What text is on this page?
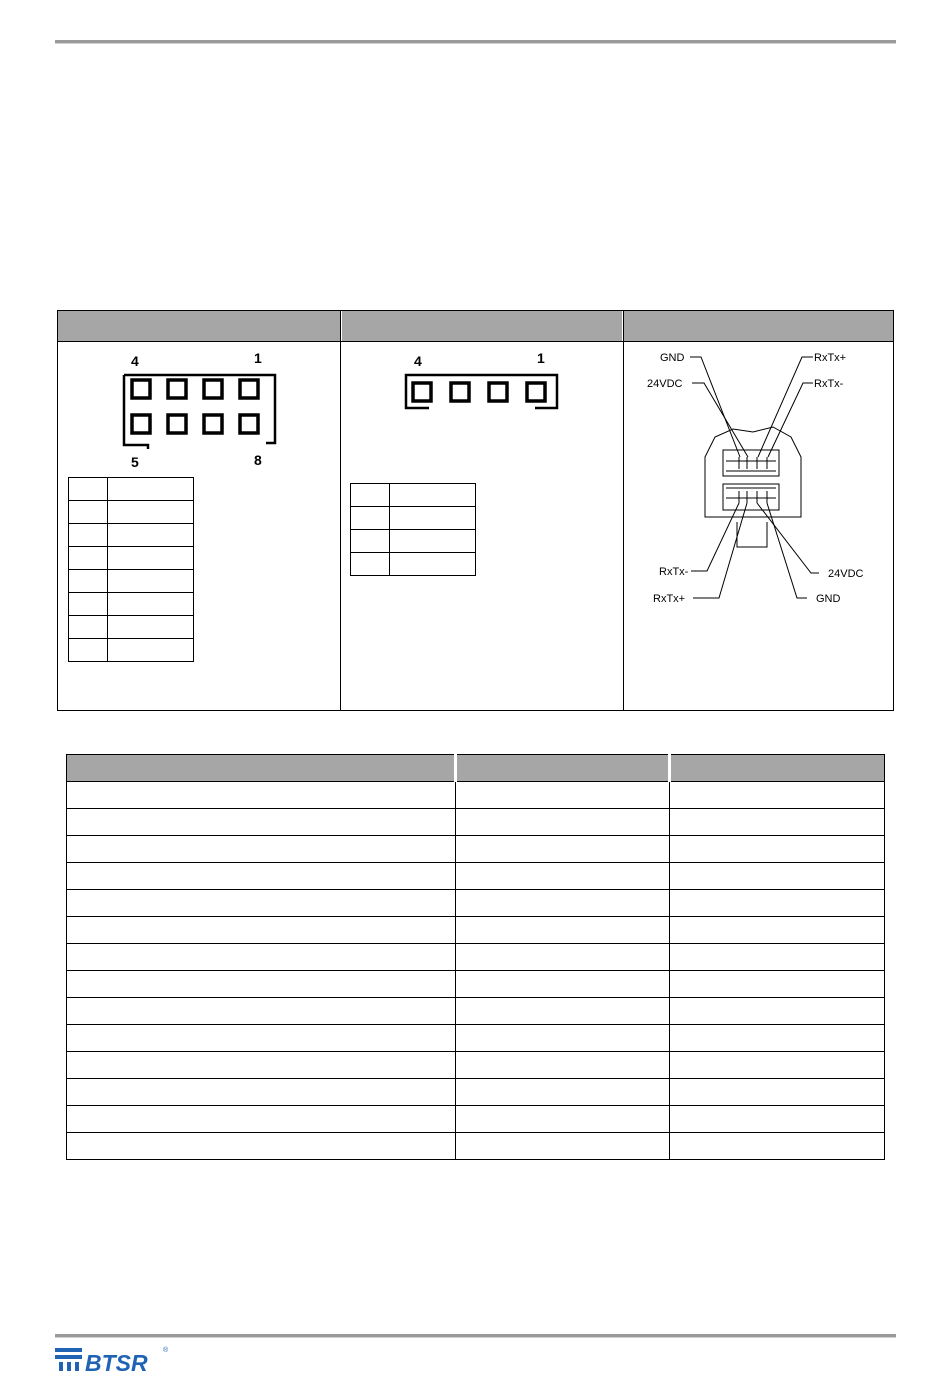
4	1
5	8

4	1

		GND
24VDC
RxTx+
RxTx-
RxTx-
RxTx+
24VDC
GND

BTSR ®
